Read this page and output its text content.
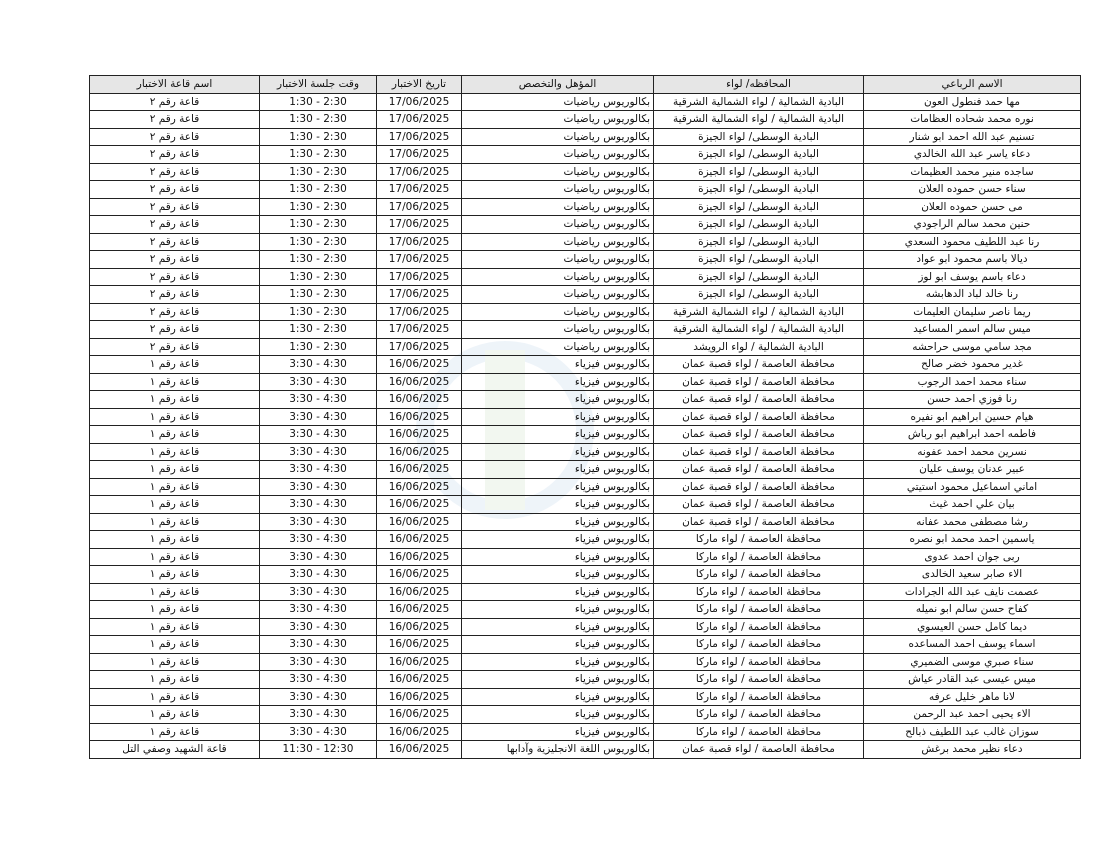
الاسم الرباعي	المحافظه/ لواء	المؤهل والتخصص	تاريخ الاختبار	وقت جلسة الاختبار	اسم قاعة الاختبار
مها حمد فنطول العون	البادية الشمالية / لواء الشمالية الشرقية	بكالوريوس رياضيات	17/06/2025	1:30 - 2:30	قاعة رقم ٢
نوره محمد شحاده العظامات	البادية الشمالية / لواء الشمالية الشرقية	بكالوريوس رياضيات	17/06/2025	1:30 - 2:30	قاعة رقم ٢
تسنيم عبد الله احمد ابو شنار	البادية الوسطى/ لواء الجيزة	بكالوريوس رياضيات	17/06/2025	1:30 - 2:30	قاعة رقم ٢
دعاء ياسر عبد الله الخالدي	البادية الوسطى/ لواء الجيزة	بكالوريوس رياضيات	17/06/2025	1:30 - 2:30	قاعة رقم ٢
ساجده منير محمد العظيمات	البادية الوسطى/ لواء الجيزة	بكالوريوس رياضيات	17/06/2025	1:30 - 2:30	قاعة رقم ٢
سناء حسن حموده العلان	البادية الوسطى/ لواء الجيزة	بكالوريوس رياضيات	17/06/2025	1:30 - 2:30	قاعة رقم ٢
مى حسن حموده العلان	البادية الوسطى/ لواء الجيزة	بكالوريوس رياضيات	17/06/2025	1:30 - 2:30	قاعة رقم ٢
حنين محمد سالم الراجودي	البادية الوسطى/ لواء الجيزة	بكالوريوس رياضيات	17/06/2025	1:30 - 2:30	قاعة رقم ٢
رنا عبد اللطيف محمود السعدي	البادية الوسطى/ لواء الجيزة	بكالوريوس رياضيات	17/06/2025	1:30 - 2:30	قاعة رقم ٢
ديالا باسم محمود ابو عواد	البادية الوسطى/ لواء الجيزة	بكالوريوس رياضيات	17/06/2025	1:30 - 2:30	قاعة رقم ٢
دعاء باسم يوسف ابو لوز	البادية الوسطى/ لواء الجيزة	بكالوريوس رياضيات	17/06/2025	1:30 - 2:30	قاعة رقم ٢
رنا خالد لباد الدهابشه	البادية الوسطى/ لواء الجيزة	بكالوريوس رياضيات	17/06/2025	1:30 - 2:30	قاعة رقم ٢
ريما ناصر سليمان العليمات	البادية الشمالية / لواء الشمالية الشرقية	بكالوريوس رياضيات	17/06/2025	1:30 - 2:30	قاعة رقم ٢
ميس سالم اسمر المساعيد	البادية الشمالية / لواء الشمالية الشرقية	بكالوريوس رياضيات	17/06/2025	1:30 - 2:30	قاعة رقم ٢
مجد سامي موسى حراحشه	البادية الشمالية / لواء الرويشد	بكالوريوس رياضيات	17/06/2025	1:30 - 2:30	قاعة رقم ٢
غدير محمود خضر صالح	محافظة العاصمة / لواء قصبة عمان	بكالوريوس فيزياء	16/06/2025	3:30 - 4:30	قاعة رقم ١
سناء محمد احمد الرجوب	محافظة العاصمة / لواء قصبة عمان	بكالوريوس فيزياء	16/06/2025	3:30 - 4:30	قاعة رقم ١
رنا فوزي احمد حسن	محافظة العاصمة / لواء قصبة عمان	بكالوريوس فيزياء	16/06/2025	3:30 - 4:30	قاعة رقم ١
هيام حسين ابراهيم ابو نفيره	محافظة العاصمة / لواء قصبة عمان	بكالوريوس فيزياء	16/06/2025	3:30 - 4:30	قاعة رقم ١
فاطمه احمد ابراهيم ابو رباش	محافظة العاصمة / لواء قصبة عمان	بكالوريوس فيزياء	16/06/2025	3:30 - 4:30	قاعة رقم ١
نسرين محمد احمد عفونه	محافظة العاصمة / لواء قصبة عمان	بكالوريوس فيزياء	16/06/2025	3:30 - 4:30	قاعة رقم ١
عبير عدنان يوسف عليان	محافظة العاصمة / لواء قصبة عمان	بكالوريوس فيزياء	16/06/2025	3:30 - 4:30	قاعة رقم ١
اماني اسماعيل محمود استيتي	محافظة العاصمة / لواء قصبة عمان	بكالوريوس فيزياء	16/06/2025	3:30 - 4:30	قاعة رقم ١
بيان علي احمد غيث	محافظة العاصمة / لواء قصبة عمان	بكالوريوس فيزياء	16/06/2025	3:30 - 4:30	قاعة رقم ١
رشا مصطفى محمد عفانه	محافظة العاصمة / لواء قصبة عمان	بكالوريوس فيزياء	16/06/2025	3:30 - 4:30	قاعة رقم ١
ياسمين احمد محمد ابو نصره	محافظة العاصمة / لواء ماركا	بكالوريوس فيزياء	16/06/2025	3:30 - 4:30	قاعة رقم ١
ربى جوان احمد عدوى	محافظة العاصمة / لواء ماركا	بكالوريوس فيزياء	16/06/2025	3:30 - 4:30	قاعة رقم ١
الاء صابر سعيد الخالدى	محافظة العاصمة / لواء ماركا	بكالوريوس فيزياء	16/06/2025	3:30 - 4:30	قاعة رقم ١
عصمت نايف عبد الله الجرادات	محافظة العاصمة / لواء ماركا	بكالوريوس فيزياء	16/06/2025	3:30 - 4:30	قاعة رقم ١
كفاح حسن سالم ابو نميله	محافظة العاصمة / لواء ماركا	بكالوريوس فيزياء	16/06/2025	3:30 - 4:30	قاعة رقم ١
ديما كامل حسن العيسوي	محافظة العاصمة / لواء ماركا	بكالوريوس فيزياء	16/06/2025	3:30 - 4:30	قاعة رقم ١
اسماء يوسف احمد المساعده	محافظة العاصمة / لواء ماركا	بكالوريوس فيزياء	16/06/2025	3:30 - 4:30	قاعة رقم ١
سناء صبري موسى الضميري	محافظة العاصمة / لواء ماركا	بكالوريوس فيزياء	16/06/2025	3:30 - 4:30	قاعة رقم ١
ميس عيسى عبد القادر عياش	محافظة العاصمة / لواء ماركا	بكالوريوس فيزياء	16/06/2025	3:30 - 4:30	قاعة رقم ١
لانا ماهر خليل عرفه	محافظة العاصمة / لواء ماركا	بكالوريوس فيزياء	16/06/2025	3:30 - 4:30	قاعة رقم ١
الاء يحيى احمد عبد الرحمن	محافظة العاصمة / لواء ماركا	بكالوريوس فيزياء	16/06/2025	3:30 - 4:30	قاعة رقم ١
سوزان غالب عبد اللطيف ذبالح	محافظة العاصمة / لواء ماركا	بكالوريوس فيزياء	16/06/2025	3:30 - 4:30	قاعة رقم ١
دعاء نظير محمد برغش	محافظة العاصمة / لواء قصبة عمان	بكالوريوس اللغة الانجليزية وآدابها	16/06/2025	11:30 - 12:30	قاعة الشهيد وصفي التل
